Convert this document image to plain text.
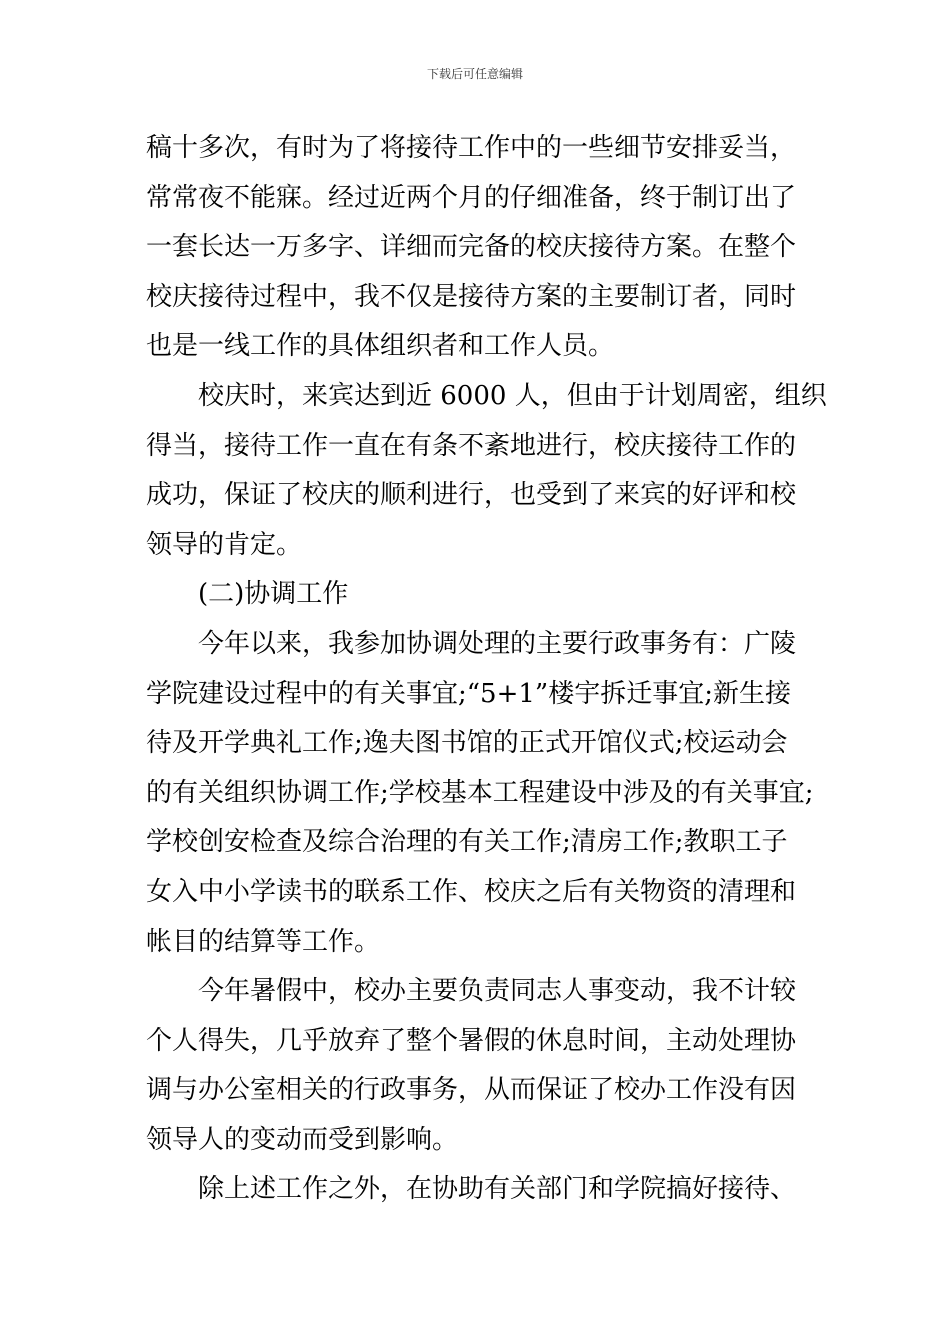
下载后可任意编辑
稿十多次，有时为了将接待工作中的一些细节安排妥当，
常常夜不能寐。经过近两个月的仔细准备，终于制订出了
一套长达一万多字、详细而完备的校庆接待方案。在整个
校庆接待过程中，我不仅是接待方案的主要制订者，同时
也是一线工作的具体组织者和工作人员。
校庆时，来宾达到近 6000 人，但由于计划周密，组织
得当，接待工作一直在有条不紊地进行，校庆接待工作的
成功，保证了校庆的顺利进行，也受到了来宾的好评和校
领导的肯定。
(二)协调工作
今年以来，我参加协调处理的主要行政事务有：广陵
学院建设过程中的有关事宜;“5+1”楼宇拆迁事宜;新生接
待及开学典礼工作;逸夫图书馆的正式开馆仪式;校运动会
的有关组织协调工作;学校基本工程建设中涉及的有关事宜;
学校创安检查及综合治理的有关工作;清房工作;教职工子
女入中小学读书的联系工作、校庆之后有关物资的清理和
帐目的结算等工作。
今年暑假中，校办主要负责同志人事变动，我不计较
个人得失，几乎放弃了整个暑假的休息时间，主动处理协
调与办公室相关的行政事务，从而保证了校办工作没有因
领导人的变动而受到影响。
除上述工作之外，在协助有关部门和学院搞好接待、
